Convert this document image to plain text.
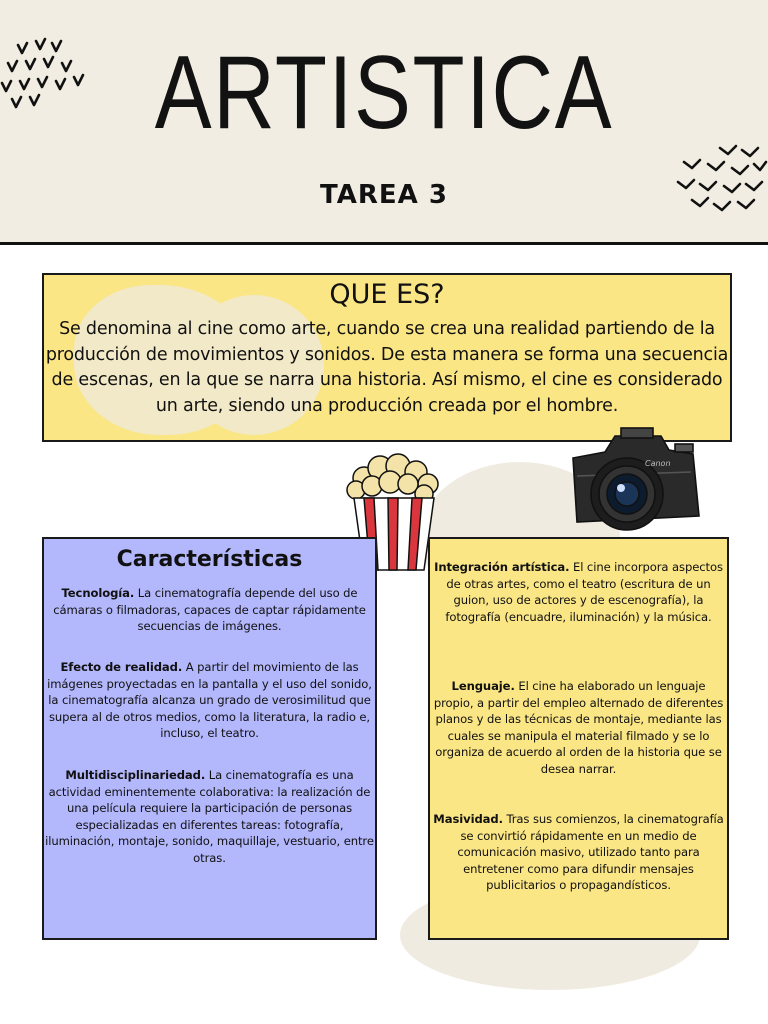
ARTISTICA
TAREA 3
QUE ES?
Se denomina al cine como arte, cuando se crea una realidad partiendo de la producción de movimientos y sonidos. De esta manera se forma una secuencia de escenas, en la que se narra una historia. Así mismo, el cine es considerado un arte, siendo una producción creada por el hombre.
Canon
Características
Tecnología. La cinematografía depende del uso de cámaras o filmadoras, capaces de captar rápidamente secuencias de imágenes.
Efecto de realidad. A partir del movimiento de las imágenes proyectadas en la pantalla y el uso del sonido, la cinematografía alcanza un grado de verosimilitud que supera al de otros medios, como la literatura, la radio e, incluso, el teatro.
Multidisciplinariedad. La cinematografía es una actividad eminentemente colaborativa: la realización de una película requiere la participación de personas especializadas en diferentes tareas: fotografía, iluminación, montaje, sonido, maquillaje, vestuario, entre otras.
Integración artística. El cine incorpora aspectos de otras artes, como el teatro (escritura de un guion, uso de actores y de escenografía), la fotografía (encuadre, iluminación) y la música.
Lenguaje. El cine ha elaborado un lenguaje propio, a partir del empleo alternado de diferentes planos y de las técnicas de montaje, mediante las cuales se manipula el material filmado y se lo organiza de acuerdo al orden de la historia que se desea narrar.
Masividad. Tras sus comienzos, la cinematografía se convirtió rápidamente en un medio de comunicación masivo, utilizado tanto para entretener como para difundir mensajes publicitarios o propagandísticos.
